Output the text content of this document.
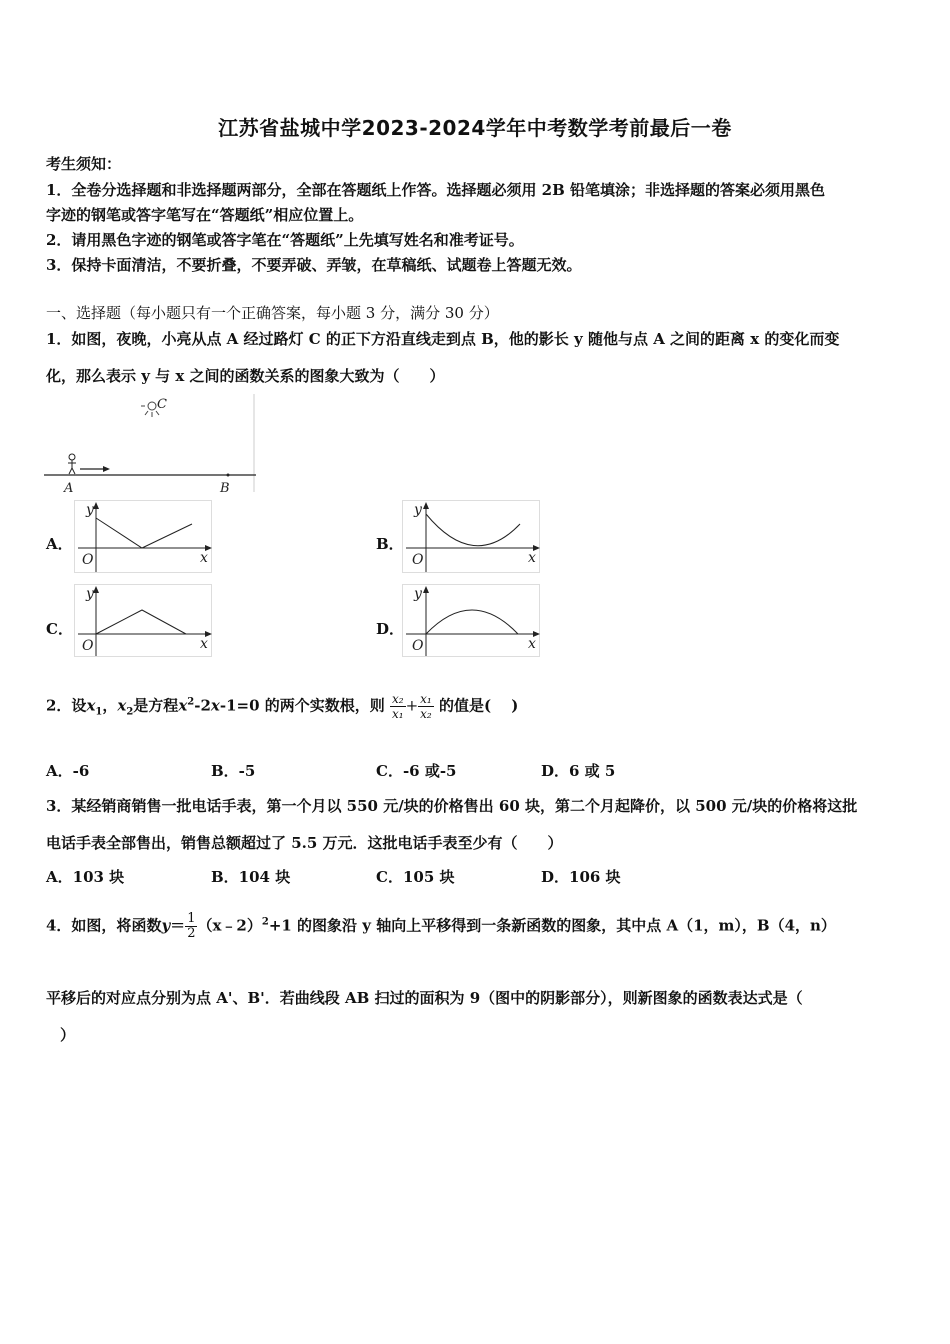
江苏省盐城中学2023-2024学年中考数学考前最后一卷
考生须知：
1．全卷分选择题和非选择题两部分，全部在答题纸上作答。选择题必须用 2B 铅笔填涂；非选择题的答案必须用黑色
字迹的钢笔或答字笔写在“答题纸”相应位置上。
2．请用黑色字迹的钢笔或答字笔在“答题纸”上先填写姓名和准考证号。
3．保持卡面清洁，不要折叠，不要弄破、弄皱，在草稿纸、试题卷上答题无效。
一、选择题（每小题只有一个正确答案，每小题 3 分，满分 30 分）
1．如图，夜晚，小亮从点 A 经过路灯 C 的正下方沿直线走到点 B，他的影长 y 随他与点 A 之间的距离 x 的变化而变
化，那么表示 y 与 x 之间的函数关系的图象大致为（　　）
C
A	B
A．	B．
C．	D．
y
O	x
y
O	x
y
O	x
y
O	x
2．设$x_1$，$x_2$是方程$x^2-2x-1=0$ 的两个实数根，则 $\frac{\text{x₂}}{\text{x₁}} + \frac{\text{x₁}}{\text{x₂}}$ 的值是(　 )
A．-6	B．-5	C．-6 或-5	D．6 或 5
3．某经销商销售一批电话手表，第一个月以 550 元/块的价格售出 60 块，第二个月起降价，以 500 元/块的价格将这批
电话手表全部售出，销售总额超过了 5.5 万元．这批电话手表至少有（　　）
A．103 块	B．104 块	C．105 块	D．106 块
4．如图，将函数$y= \frac{1}{2}$ （x﹣2）$^2$+1 的图象沿 y 轴向上平移得到一条新函数的图象，其中点 A（1，m），B（4，n）
平移后的对应点分别为点 A'、B'．若曲线段 AB 扫过的面积为 9（图中的阴影部分），则新图象的函数表达式是（
）
